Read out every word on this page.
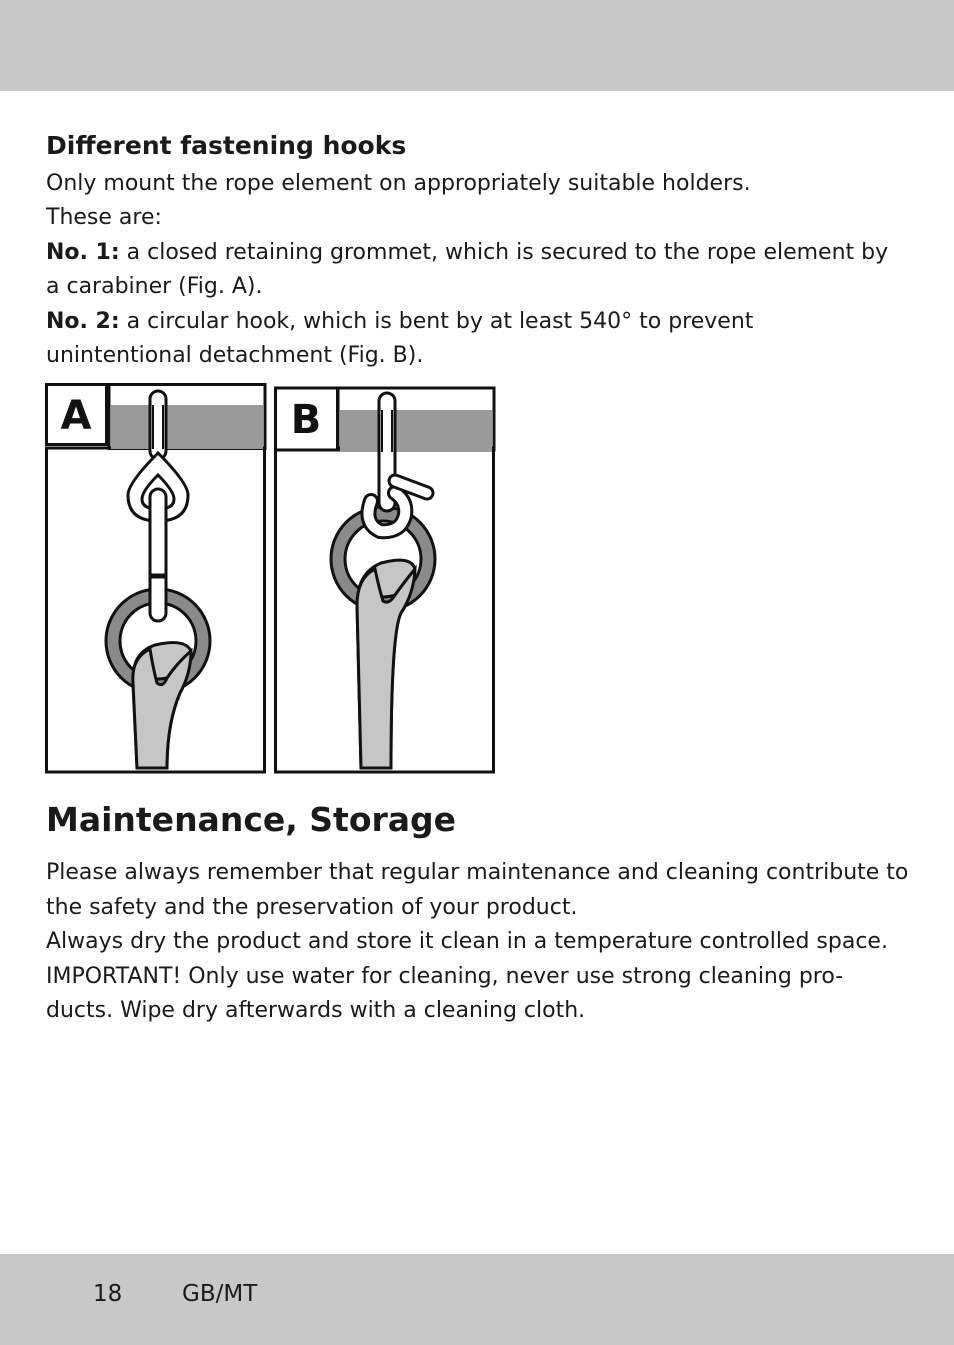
Different fastening hooks

Only mount the rope element on appropriately suitable holders.

These are:

No. 1: a closed retaining grommet, which is secured to the rope element by a carabiner (Fig. A).

No. 2: a circular hook, which is bent by at least 540° to prevent unintentional detachment (Fig. B).

A	B
Maintenance, Storage

Please always remember that regular maintenance and cleaning contribute to the safety and the preservation of your product.

Always dry the product and store it clean in a temperature controlled space.

IMPORTANT! Only use water for cleaning, never use strong cleaning pro-

ducts. Wipe dry afterwards with a cleaning cloth.

18	GB/MT
